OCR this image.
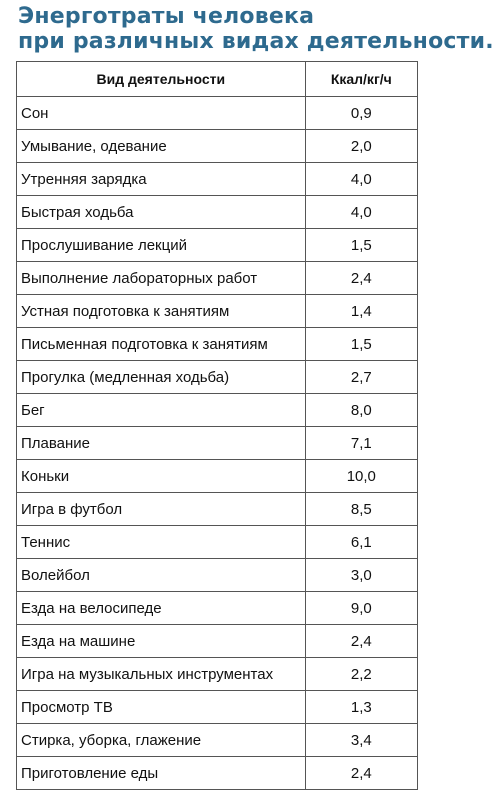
Энерготраты человека
при различных видах деятельности.
Вид деятельности	Ккал/кг/ч
Сон	0,9
Умывание, одевание	2,0
Утренняя зарядка	4,0
Быстрая ходьба	4,0
Прослушивание лекций	1,5
Выполнение лабораторных работ	2,4
Устная подготовка к занятиям	1,4
Письменная подготовка к занятиям	1,5
Прогулка (медленная ходьба)	2,7
Бег	8,0
Плавание	7,1
Коньки	10,0
Игра в футбол	8,5
Теннис	6,1
Волейбол	3,0
Езда на велосипеде	9,0
Езда на машине	2,4
Игра на музыкальных инструментах	2,2
Просмотр ТВ	1,3
Стирка, уборка, глажение	3,4
Приготовление еды	2,4
